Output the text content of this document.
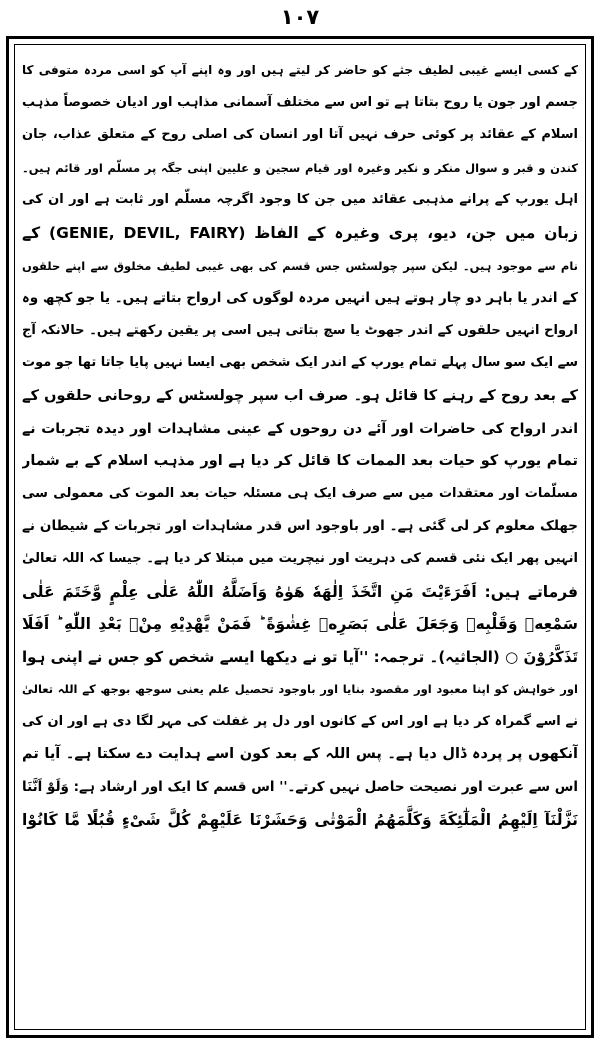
۱۰۷
کے کسی ایسے غیبی لطیف جثے کو حاضر کر لیتے ہیں اور وہ اپنے آپ کو اسی مردہ متوفی کا
جسم اور جون یا روح بتاتا ہے تو اس سے مختلف آسمانی مذاہب اور ادیان خصوصاً مذہب
اسلام کے عقائد پر کوئی حرف نہیں آتا اور انسان کی اصلی روح کے متعلق عذاب، جان
کندن و قبر و سوال منکر و نکیر وغیرہ اور قیام سجین و علیین اپنی جگہ پر مسلّم اور قائم ہیں۔
اہل یورپ کے پرانے مذہبی عقائد میں جن کا وجود اگرچہ مسلّم اور ثابت ہے اور ان کی
زبان میں جن، دیو، پری وغیرہ کے الفاظ (GENIE, DEVIL, FAIRY) کے
نام سے موجود ہیں۔ لیکن سپر چولسٹس جس قسم کی بھی غیبی لطیف مخلوق سے اپنے حلقوں
کے اندر یا باہر دو چار ہوتے ہیں انہیں مردہ لوگوں کی ارواح بتاتے ہیں۔ یا جو کچھ وہ
ارواح انہیں حلقوں کے اندر جھوٹ یا سچ بتاتی ہیں اسی پر یقین رکھتے ہیں۔ حالانکہ آج
سے ایک سو سال پہلے تمام یورپ کے اندر ایک شخص بھی ایسا نہیں پایا جاتا تھا جو موت
کے بعد روح کے رہنے کا قائل ہو۔ صرف اب سپر چولسٹس کے روحانی حلقوں کے
اندر ارواح کی حاضرات اور آئے دن روحوں کے عینی مشاہدات اور دیدہ تجربات نے
تمام یورپ کو حیات بعد الممات کا قائل کر دیا ہے اور مذہب اسلام کے بے شمار
مسلّمات اور معتقدات میں سے صرف ایک ہی مسئلہ حیات بعد الموت کی معمولی سی
جھلک معلوم کر لی گئی ہے۔ اور باوجود اس قدر مشاہدات اور تجربات کے شیطان نے
انہیں پھر ایک نئی قسم کی دہریت اور نیچریت میں مبتلا کر دیا ہے۔ جیسا کہ اللہ تعالیٰ
فرماتے ہیں: اَفَرَءَیْتَ مَنِ اتَّخَذَ اِلٰهَهٗ هَوٰهُ وَاَضَلَّهُ اللّٰهُ عَلٰی عِلْمٍ وَّخَتَمَ عَلٰی
سَمْعِهٖ وَقَلْبِهٖ وَجَعَلَ عَلٰی بَصَرِهٖ غِشٰوَةً ؕ فَمَنْ یَّهْدِیْهِ مِنْۢ بَعْدِ اللّٰهِ ؕ اَفَلَا
تَذَكَّرُوْنَ ○ (الجاثیہ)۔ ترجمہ: ''آیا تو نے دیکھا ایسے شخص کو جس نے اپنی ہوا
اور خواہش کو اپنا معبود اور مقصود بنایا اور باوجود تحصیل علم یعنی سوجھ بوجھ کے اللہ تعالیٰ
نے اسے گمراہ کر دیا ہے اور اس کے کانوں اور دل پر غفلت کی مہر لگا دی ہے اور ان کی
آنکھوں پر پردہ ڈال دیا ہے۔ پس اللہ کے بعد کون اسے ہدایت دے سکتا ہے۔ آیا تم
اس سے عبرت اور نصیحت حاصل نہیں کرتے۔'' اس قسم کا ایک اور ارشاد ہے: وَلَوْ اَنَّنَا
نَزَّلْنَآ اِلَیْهِمُ الْمَلٰٓئِكَةَ وَكَلَّمَهُمُ الْمَوْتٰی وَحَشَرْنَا عَلَیْهِمْ كُلَّ شَیْءٍ قُبُلًا مَّا كَانُوْا
